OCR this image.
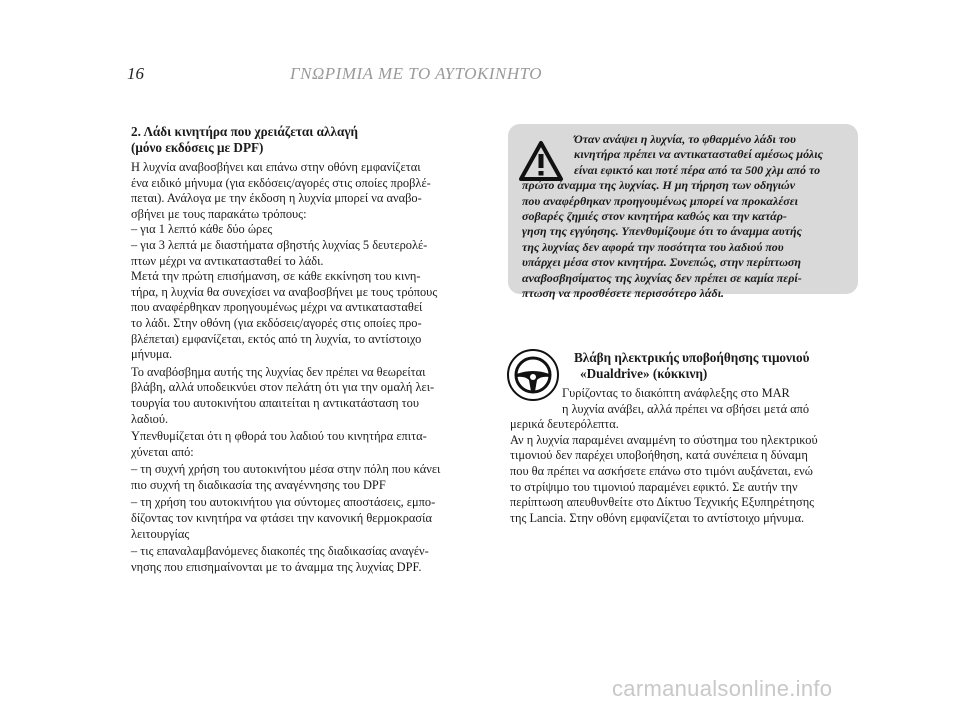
16	ΓΝΩΡΙΜΙΑ ΜΕ ΤΟ ΑΥΤΟΚΙΝΗΤΟ
2. Λάδι κινητήρα που χρειάζεται αλλαγή
(μόνο εκδόσεις με DPF)
Η λυχνία αναβοσβήνει και επάνω στην οθόνη εμφανίζεται
ένα ειδικό μήνυμα (για εκδόσεις/αγορές στις οποίες προβλέ-
πεται). Ανάλογα με την έκδοση η λυχνία μπορεί να αναβο-
σβήνει με τους παρακάτω τρόπους:
– για 1 λεπτό κάθε δύο ώρες
– για 3 λεπτά με διαστήματα σβηστής λυχνίας 5 δευτερολέ-
πτων μέχρι να αντικατασταθεί το λάδι.
Μετά την πρώτη επισήμανση, σε κάθε εκκίνηση του κινη-
τήρα, η λυχνία θα συνεχίσει να αναβοσβήνει με τους τρόπους
που αναφέρθηκαν προηγουμένως μέχρι να αντικατασταθεί
το λάδι. Στην οθόνη (για εκδόσεις/αγορές στις οποίες προ-
βλέπεται) εμφανίζεται, εκτός από τη λυχνία, το αντίστοιχο
μήνυμα.
Το αναβόσβημα αυτής της λυχνίας δεν πρέπει να θεωρείται
βλάβη, αλλά υποδεικνύει στον πελάτη ότι για την ομαλή λει-
τουργία του αυτοκινήτου απαιτείται η αντικατάσταση του
λαδιού.
Υπενθυμίζεται ότι η φθορά του λαδιού του κινητήρα επιτα-
χύνεται από:
– τη συχνή χρήση του αυτοκινήτου μέσα στην πόλη που κάνει
πιο συχνή τη διαδικασία της αναγέννησης του DPF
– τη χρήση του αυτοκινήτου για σύντομες αποστάσεις, εμπο-
δίζοντας τον κινητήρα να φτάσει την κανονική θερμοκρασία
λειτουργίας
– τις επαναλαμβανόμενες διακοπές της διαδικασίας αναγέν-
νησης που επισημαίνονται με το άναμμα της λυχνίας DPF.
Όταν ανάψει η λυχνία, το φθαρμένο λάδι του
κινητήρα πρέπει να αντικατασταθεί αμέσως μόλις
είναι εφικτό και ποτέ πέρα από τα 500 χλμ από το
πρώτο άναμμα της λυχνίας. Η μη τήρηση των οδηγιών
που αναφέρθηκαν προηγουμένως μπορεί να προκαλέσει
σοβαρές ζημιές στον κινητήρα καθώς και την κατάρ-
γηση της εγγύησης. Υπενθυμίζουμε ότι το άναμμα αυτής
της λυχνίας δεν αφορά την ποσότητα του λαδιού που
υπάρχει μέσα στον κινητήρα. Συνεπώς, στην περίπτωση
αναβοσβησίματος της λυχνίας δεν πρέπει σε καμία περί-
πτωση να προσθέσετε περισσότερο λάδι.
Βλάβη ηλεκτρικής υποβοήθησης τιμονιού
«Dualdrive» (κόκκινη)
Γυρίζοντας το διακόπτη ανάφλεξης στο MAR
η λυχνία ανάβει, αλλά πρέπει να σβήσει μετά από
μερικά δευτερόλεπτα.
Αν η λυχνία παραμένει αναμμένη το σύστημα του ηλεκτρικού
τιμονιού δεν παρέχει υποβοήθηση, κατά συνέπεια η δύναμη
που θα πρέπει να ασκήσετε επάνω στο τιμόνι αυξάνεται, ενώ
το στρίψιμο του τιμονιού παραμένει εφικτό. Σε αυτήν την
περίπτωση απευθυνθείτε στο Δίκτυο Τεχνικής Εξυπηρέτησης
της Lancia. Στην οθόνη εμφανίζεται το αντίστοιχο μήνυμα.
carmanualsonline.info
